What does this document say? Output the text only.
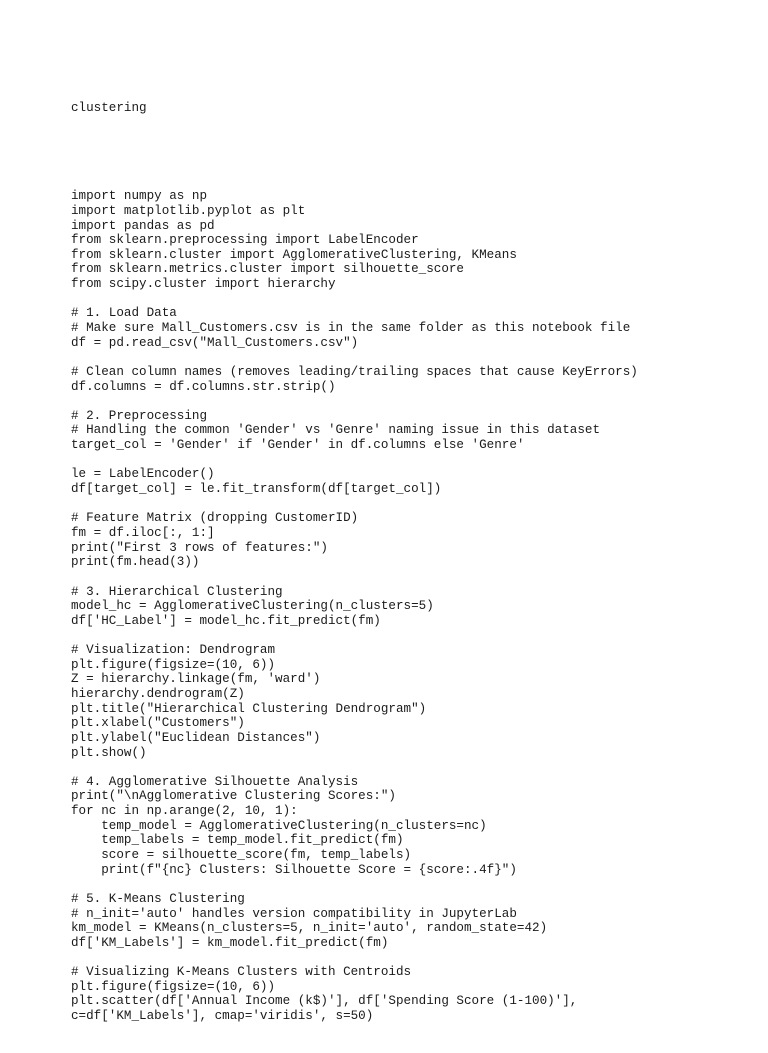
clustering

import numpy as np
import matplotlib.pyplot as plt
import pandas as pd
from sklearn.preprocessing import LabelEncoder
from sklearn.cluster import AgglomerativeClustering, KMeans
from sklearn.metrics.cluster import silhouette_score
from scipy.cluster import hierarchy
# 1. Load Data
# Make sure Mall_Customers.csv is in the same folder as this notebook file
df = pd.read_csv("Mall_Customers.csv")
# Clean column names (removes leading/trailing spaces that cause KeyErrors)
df.columns = df.columns.str.strip()
# 2. Preprocessing
# Handling the common 'Gender' vs 'Genre' naming issue in this dataset
target_col = 'Gender' if 'Gender' in df.columns else 'Genre'
le = LabelEncoder()
df[target_col] = le.fit_transform(df[target_col])
# Feature Matrix (dropping CustomerID)
fm = df.iloc[:, 1:]
print("First 3 rows of features:")
print(fm.head(3))
# 3. Hierarchical Clustering
model_hc = AgglomerativeClustering(n_clusters=5)
df['HC_Label'] = model_hc.fit_predict(fm)
# Visualization: Dendrogram
plt.figure(figsize=(10, 6))
Z = hierarchy.linkage(fm, 'ward')
hierarchy.dendrogram(Z)
plt.title("Hierarchical Clustering Dendrogram")
plt.xlabel("Customers")
plt.ylabel("Euclidean Distances")
plt.show()
# 4. Agglomerative Silhouette Analysis
print("\nAgglomerative Clustering Scores:")
for nc in np.arange(2, 10, 1):
temp_model = AgglomerativeClustering(n_clusters=nc)
temp_labels = temp_model.fit_predict(fm)
score = silhouette_score(fm, temp_labels)
print(f"{nc} Clusters: Silhouette Score = {score:.4f}")
# 5. K-Means Clustering
# n_init='auto' handles version compatibility in JupyterLab
km_model = KMeans(n_clusters=5, n_init='auto', random_state=42)
df['KM_Labels'] = km_model.fit_predict(fm)
# Visualizing K-Means Clusters with Centroids
plt.figure(figsize=(10, 6))
plt.scatter(df['Annual Income (k$)'], df['Spending Score (1-100)'],
c=df['KM_Labels'], cmap='viridis', s=50)
